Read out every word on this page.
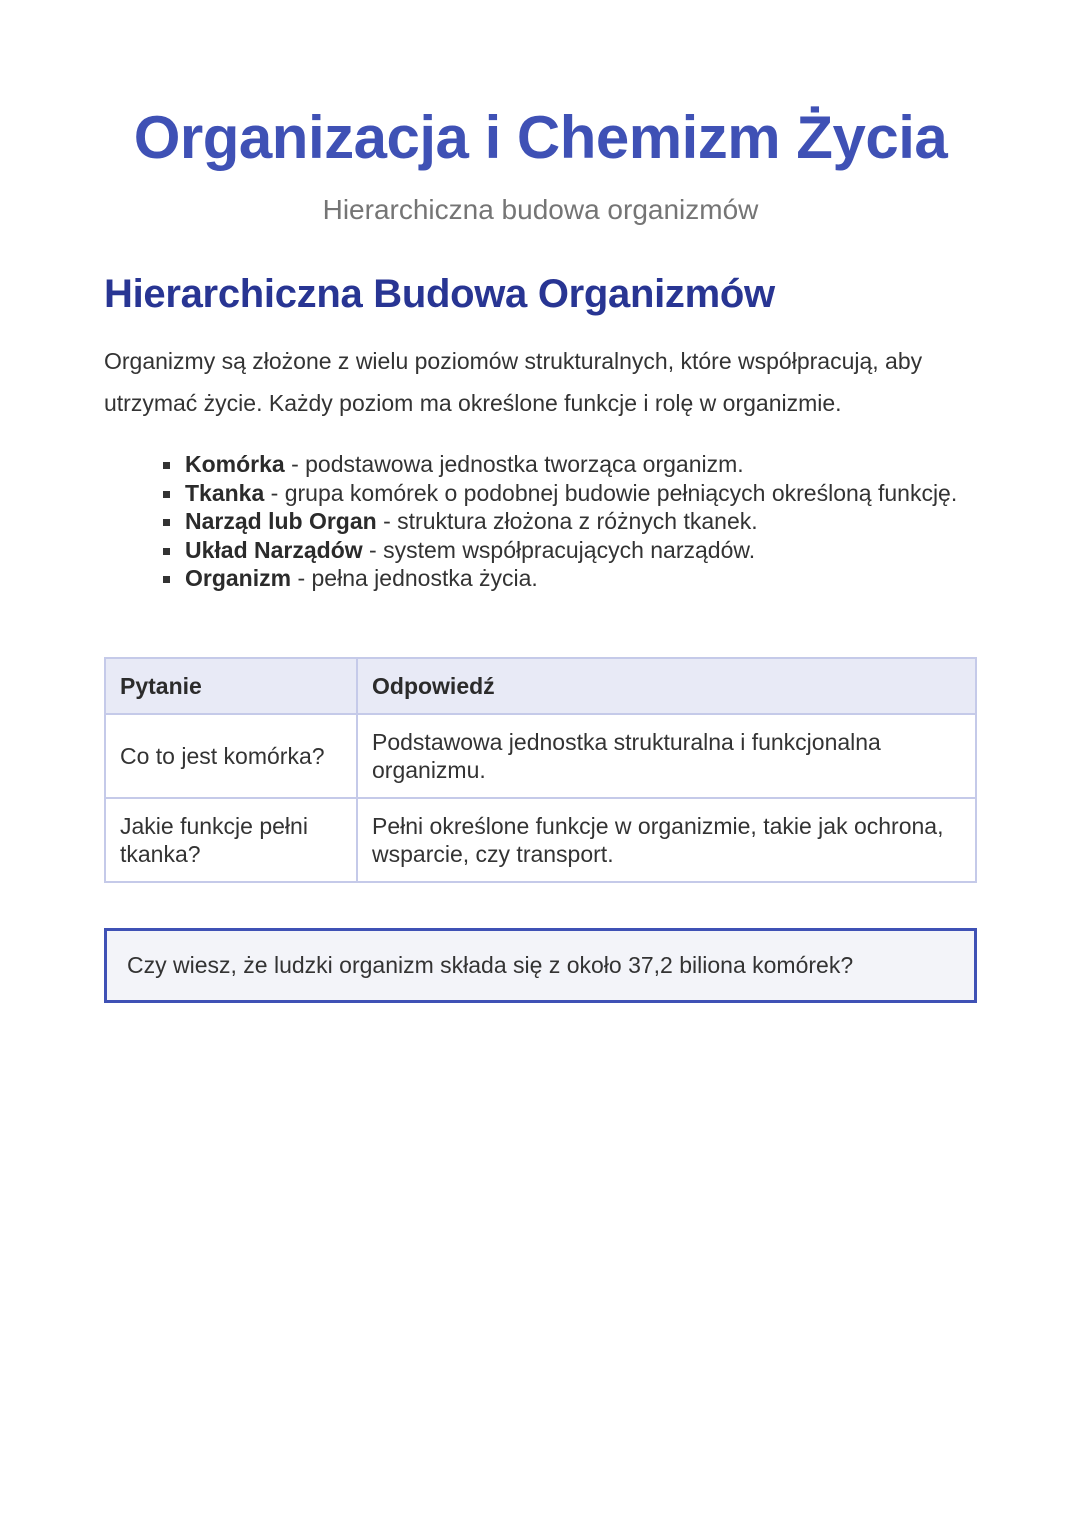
Organizacja i Chemizm Życia
Hierarchiczna budowa organizmów
Hierarchiczna Budowa Organizmów

Organizmy są złożone z wielu poziomów strukturalnych, które współpracują, aby utrzymać życie. Każdy poziom ma określone funkcje i rolę w organizmie.

Komórka - podstawowa jednostka tworząca organizm.
Tkanka - grupa komórek o podobnej budowie pełniących określoną funkcję.
Narząd lub Organ - struktura złożona z różnych tkanek.
Układ Narządów - system współpracujących narządów.
Organizm - pełna jednostka życia.
Pytanie	Odpowiedź
Co to jest komórka?	Podstawowa jednostka strukturalna i funkcjonalna organizmu.
Jakie funkcje pełni tkanka?	Pełni określone funkcje w organizmie, takie jak ochrona, wsparcie, czy transport.
Czy wiesz, że ludzki organizm składa się z około 37,2 biliona komórek?
